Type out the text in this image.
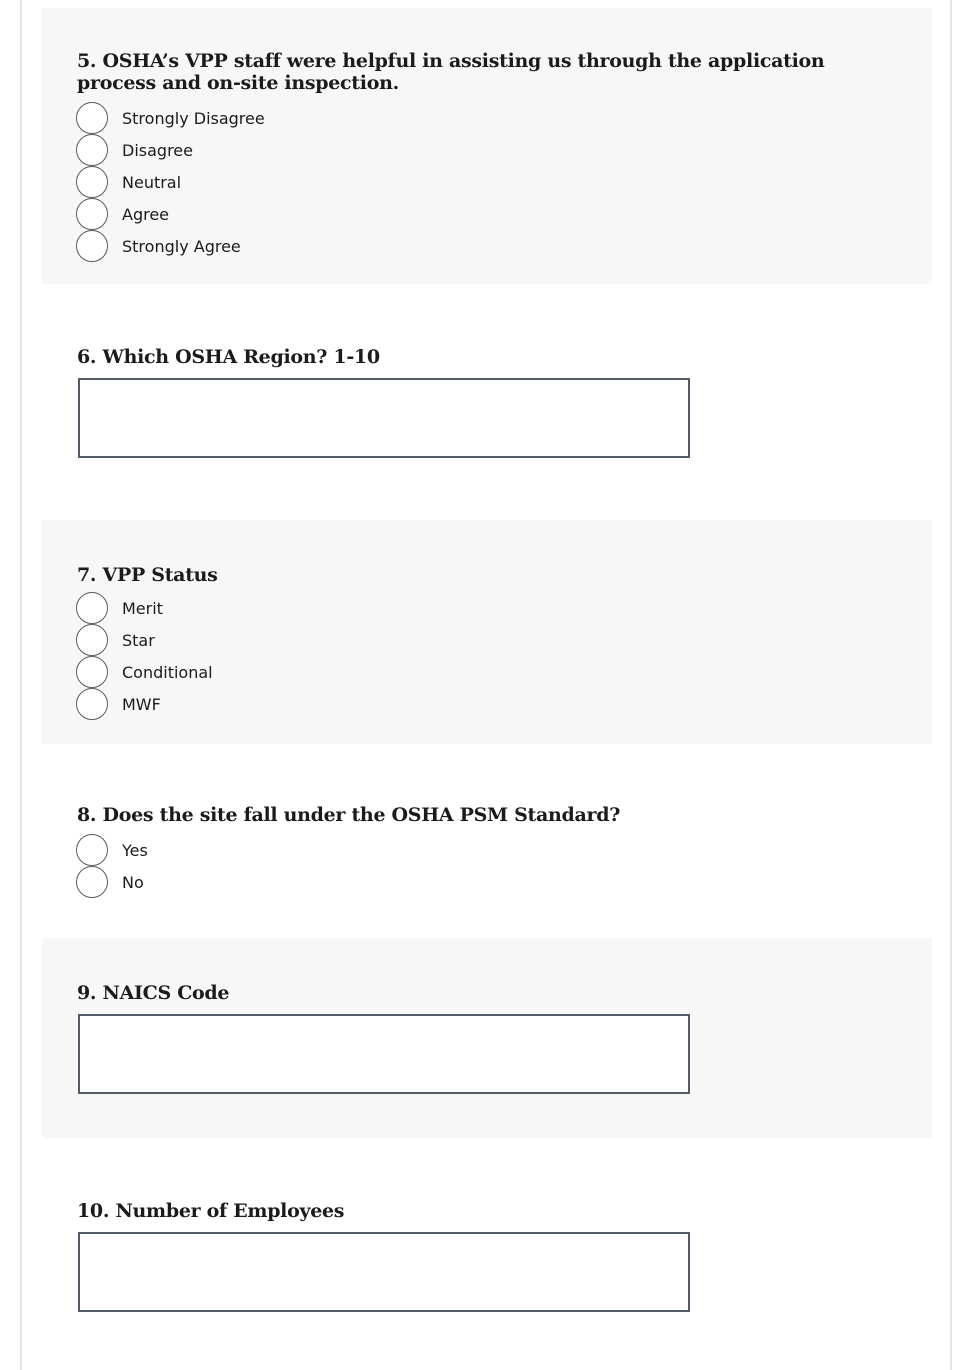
5. OSHA’s VPP staff were helpful in assisting us through the application process and on-site inspection.
Strongly Disagree
Disagree
Neutral
Agree
Strongly Agree
6. Which OSHA Region? 1-10
7. VPP Status
Merit
Star
Conditional
MWF
8. Does the site fall under the OSHA PSM Standard?
Yes
No
9. NAICS Code
10. Number of Employees
